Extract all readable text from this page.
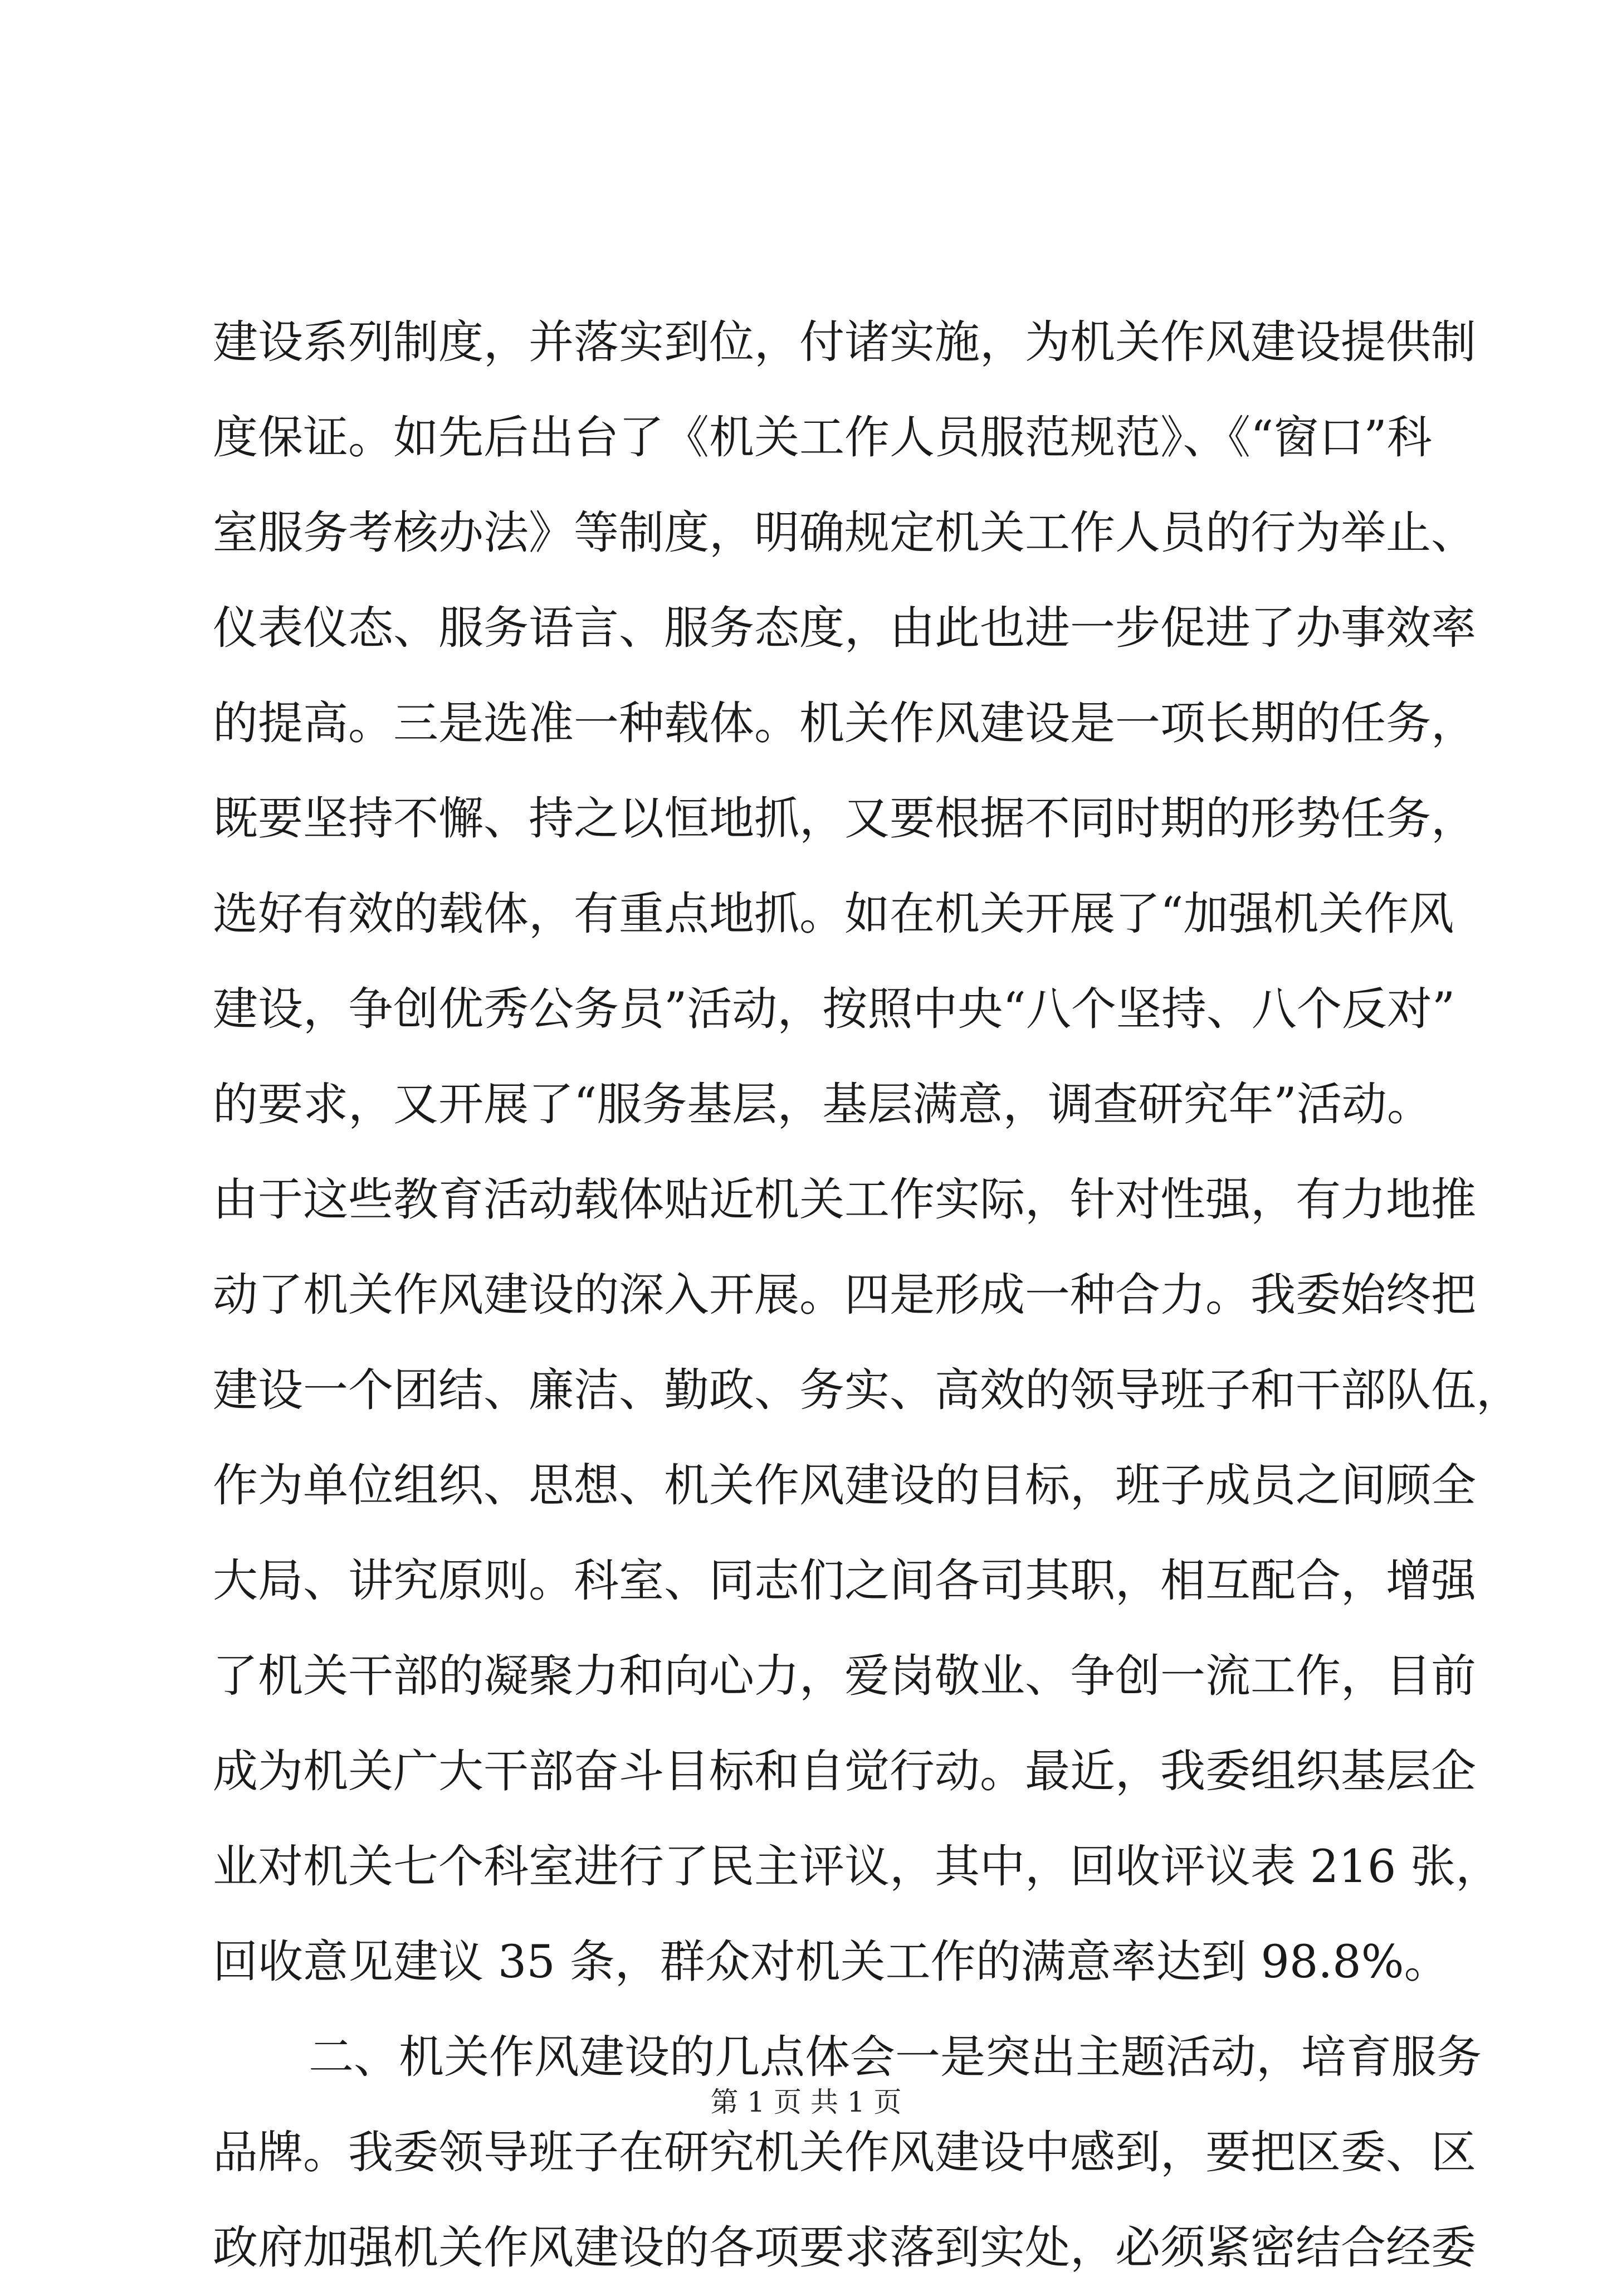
建设系列制度，并落实到位，付诸实施，为机关作风建设提供制
度保证。如先后出台了《机关工作人员服范规范》、《“窗口”科
室服务考核办法》等制度，明确规定机关工作人员的行为举止、
仪表仪态、服务语言、服务态度，由此也进一步促进了办事效率
的提高。三是选准一种载体。机关作风建设是一项长期的任务，
既要坚持不懈、持之以恒地抓，又要根据不同时期的形势任务，
选好有效的载体，有重点地抓。如在机关开展了“加强机关作风
建设，争创优秀公务员”活动，按照中央“八个坚持、八个反对”
的要求，又开展了“服务基层，基层满意，调查研究年”活动。
由于这些教育活动载体贴近机关工作实际，针对性强，有力地推
动了机关作风建设的深入开展。四是形成一种合力。我委始终把
建设一个团结、廉洁、勤政、务实、高效的领导班子和干部队伍，
作为单位组织、思想、机关作风建设的目标，班子成员之间顾全
大局、讲究原则。科室、同志们之间各司其职，相互配合，增强
了机关干部的凝聚力和向心力，爱岗敬业、争创一流工作，目前
成为机关广大干部奋斗目标和自觉行动。最近，我委组织基层企
业对机关七个科室进行了民主评议，其中，回收评议表 216 张，
回收意见建议 35 条，群众对机关工作的满意率达到 98.8%。
二、机关作风建设的几点体会一是突出主题活动，培育服务
品牌。我委领导班子在研究机关作风建设中感到，要把区委、区
政府加强机关作风建设的各项要求落到实处，必须紧密结合经委
第 1 页 共 1 页
